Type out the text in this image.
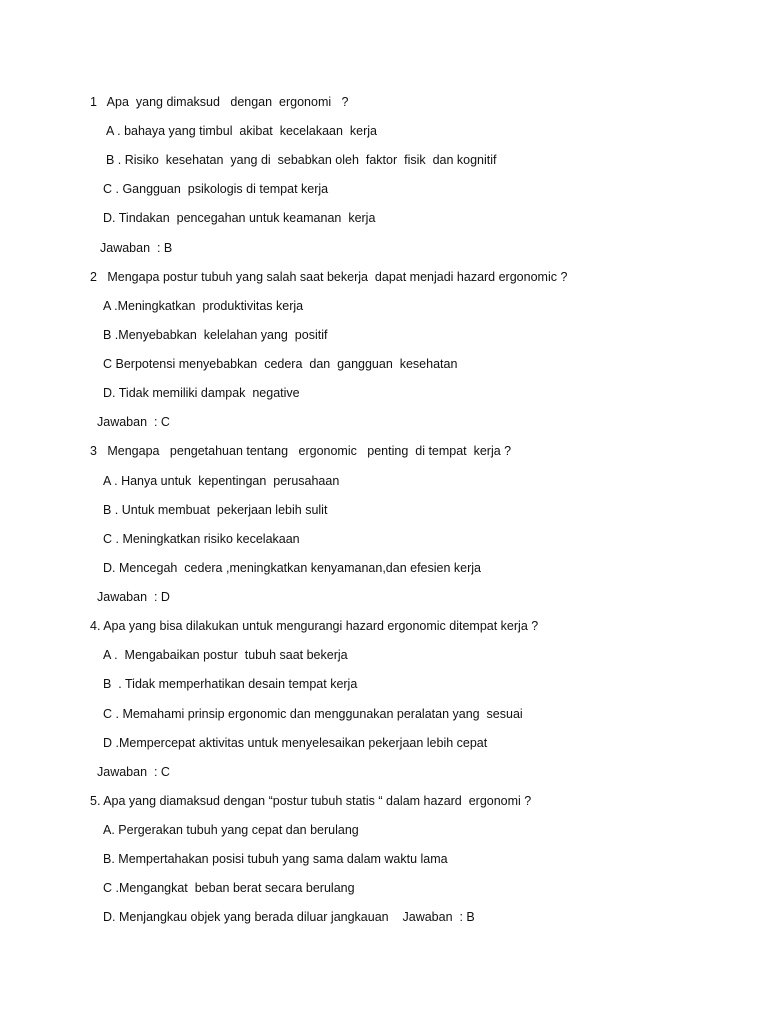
1   Apa  yang dimaksud   dengan  ergonomi   ?
A . bahaya yang timbul  akibat  kecelakaan  kerja
B . Risiko  kesehatan  yang di  sebabkan oleh  faktor  fisik  dan kognitif
C . Gangguan  psikologis di tempat kerja
D. Tindakan  pencegahan untuk keamanan  kerja
Jawaban  : B
2   Mengapa postur tubuh yang salah saat bekerja  dapat menjadi hazard ergonomic ?
A .Meningkatkan  produktivitas kerja
B .Menyebabkan  kelelahan yang  positif
C Berpotensi menyebabkan  cedera  dan  gangguan  kesehatan
D. Tidak memiliki dampak  negative
Jawaban  : C
3   Mengapa   pengetahuan tentang   ergonomic   penting  di tempat  kerja ?
A . Hanya untuk  kepentingan  perusahaan
B . Untuk membuat  pekerjaan lebih sulit
C . Meningkatkan risiko kecelakaan
D. Mencegah  cedera ,meningkatkan kenyamanan,dan efesien kerja
Jawaban  : D
4. Apa yang bisa dilakukan untuk mengurangi hazard ergonomic ditempat kerja ?
A .  Mengabaikan postur  tubuh saat bekerja
B  . Tidak memperhatikan desain tempat kerja
C . Memahami prinsip ergonomic dan menggunakan peralatan yang  sesuai
D .Mempercepat aktivitas untuk menyelesaikan pekerjaan lebih cepat
Jawaban  : C
5. Apa yang diamaksud dengan “postur tubuh statis “ dalam hazard  ergonomi ?
A. Pergerakan tubuh yang cepat dan berulang
B. Mempertahakan posisi tubuh yang sama dalam waktu lama
C .Mengangkat  beban berat secara berulang
D. Menjangkau objek yang berada diluar jangkauan    Jawaban  : B
